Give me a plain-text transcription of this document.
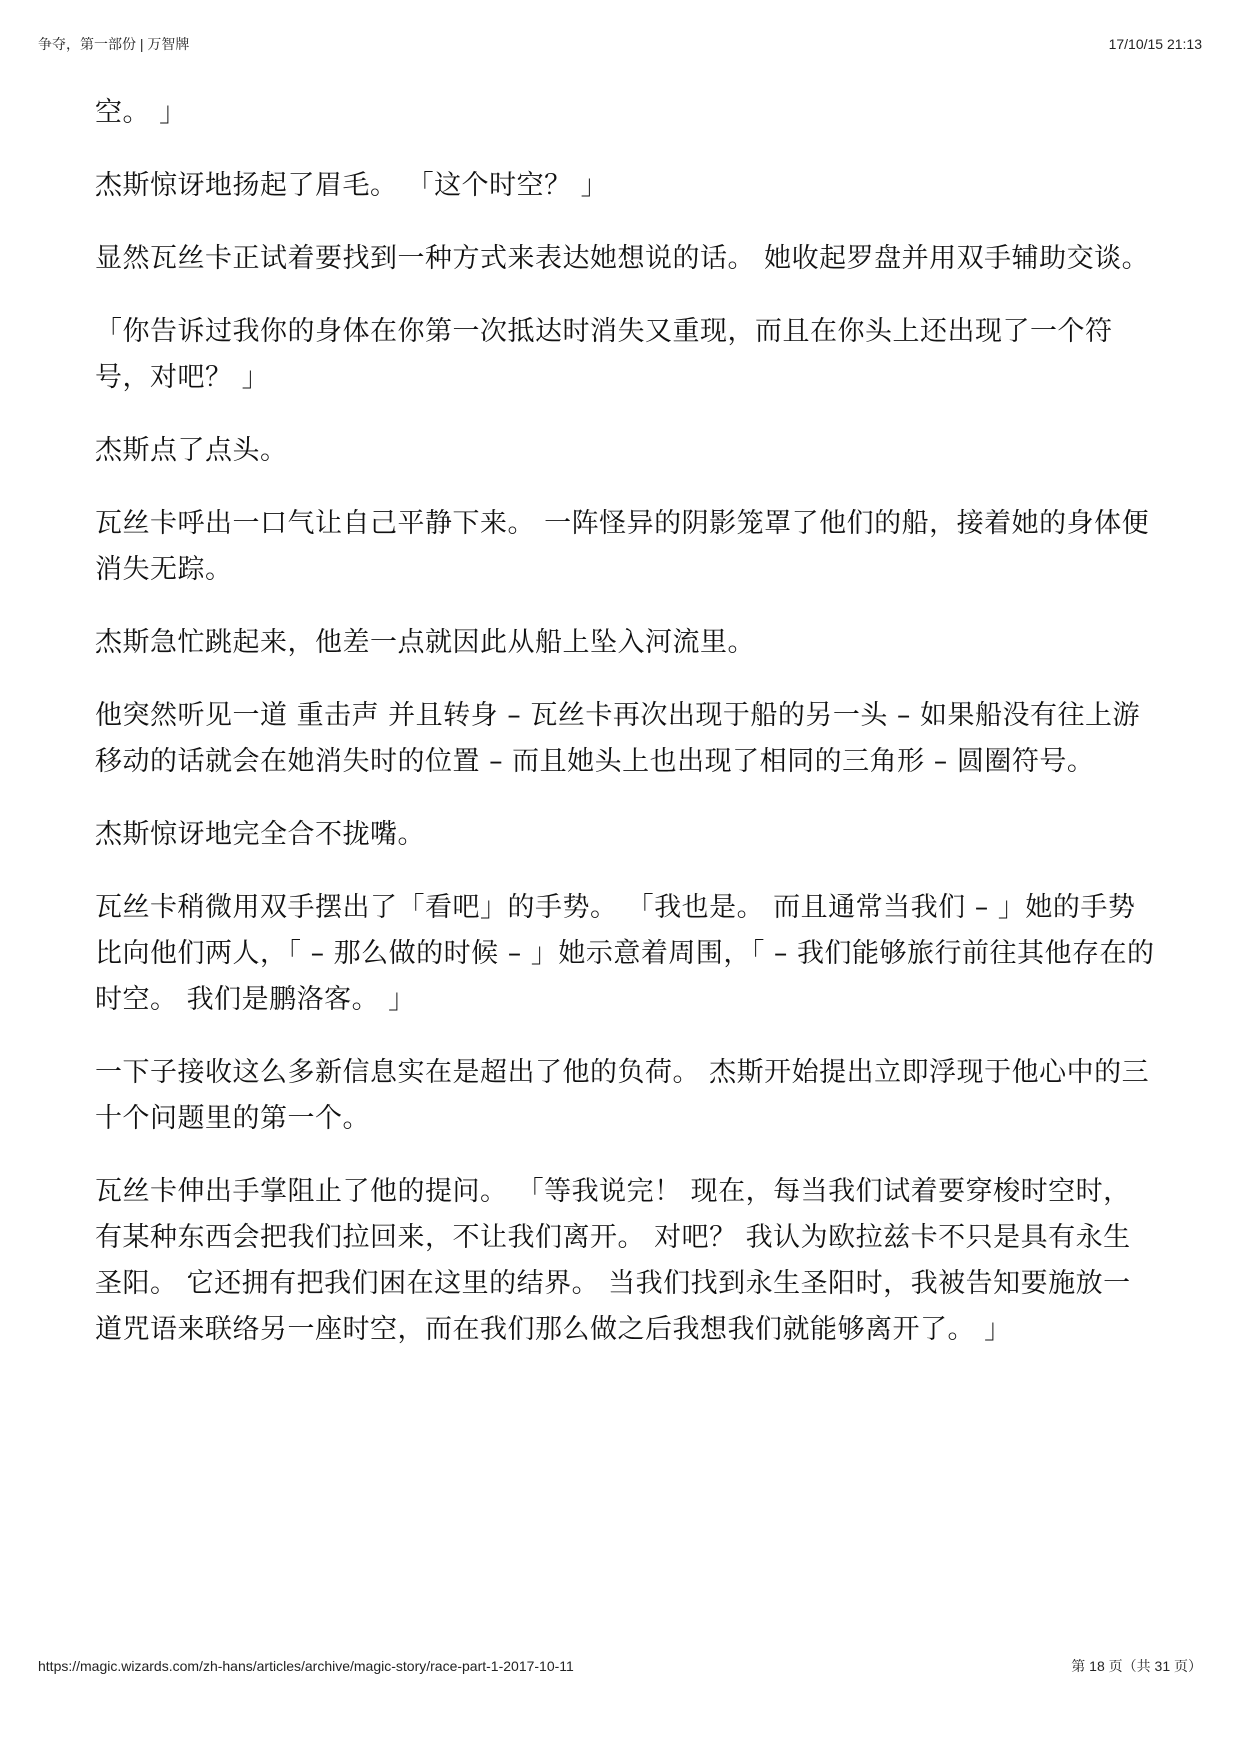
争夺，第一部份 | 万智牌	17/10/15 21:13

空。 」

杰斯惊讶地扬起了眉毛。 「这个时空？ 」

显然瓦丝卡正试着要找到一种方式来表达她想说的话。 她收起罗盘并用双手辅助交谈。

「你告诉过我你的身体在你第一次抵达时消失又重现，而且在你头上还出现了一个符号，对吧？ 」

杰斯点了点头。

瓦丝卡呼出一口气让自己平静下来。 一阵怪异的阴影笼罩了他们的船，接着她的身体便消失无踪。

杰斯急忙跳起来，他差一点就因此从船上坠入河流里。

他突然听见一道 重击声 并且转身 – 瓦丝卡再次出现于船的另一头 – 如果船没有往上游移动的话就会在她消失时的位置 – 而且她头上也出现了相同的三角形 – 圆圈符号。

杰斯惊讶地完全合不拢嘴。

瓦丝卡稍微用双手摆出了「看吧」的手势。 「我也是。 而且通常当我们 – 」她的手势比向他们两人，「 – 那么做的时候 – 」她示意着周围，「 – 我们能够旅行前往其他存在的时空。 我们是鹏洛客。 」

一下子接收这么多新信息实在是超出了他的负荷。 杰斯开始提出立即浮现于他心中的三十个问题里的第一个。

瓦丝卡伸出手掌阻止了他的提问。 「等我说完！ 现在，每当我们试着要穿梭时空时，有某种东西会把我们拉回来，不让我们离开。 对吧？ 我认为欧拉兹卡不只是具有永生圣阳。 它还拥有把我们困在这里的结界。 当我们找到永生圣阳时，我被告知要施放一道咒语来联络另一座时空，而在我们那么做之后我想我们就能够离开了。 」

https://magic.wizards.com/zh-hans/articles/archive/magic-story/race-part-1-2017-10-11	第 18 页（共 31 页）
